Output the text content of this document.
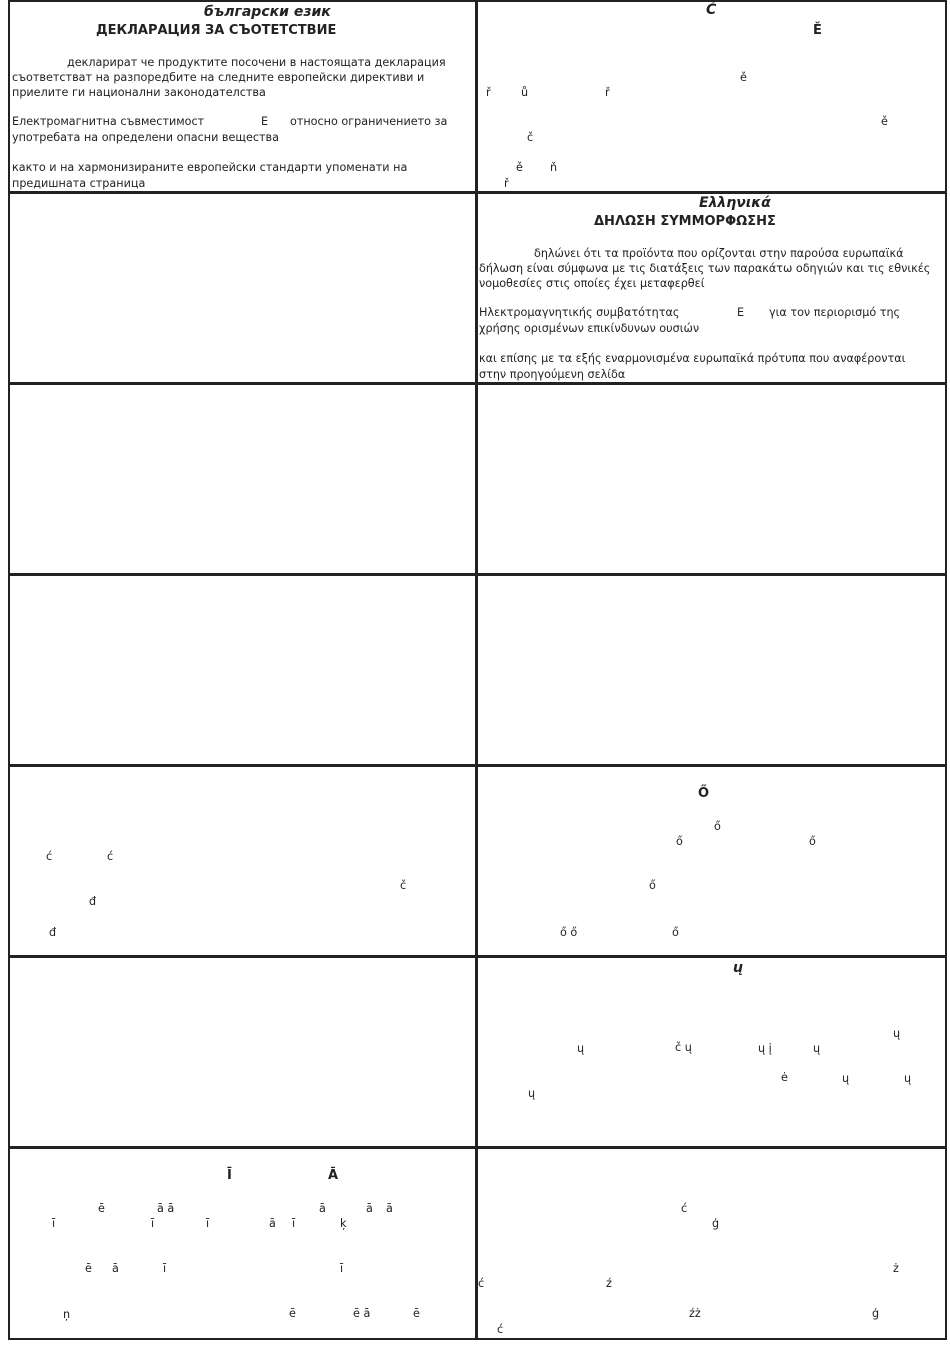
български език
ДЕКЛАРАЦИЯ ЗА СЪОТЕТСТВИЕ
декларират че продуктите посочени в настоящата декларация
съответстват на разпоредбите на следните европейски директиви и
приелите ги национални законодателства
Електромагнитна съвместимост	E относно ограничението за
употребата на определени опасни вещества
както и на хармонизираните европейски стандарти упоменати на
предишната страница
Č
Ě
ě
ř	ů	ř
ě
č
ě ň
ř
Ελληνικά
ΔΗΛΩΣΗ ΣΥΜΜΟΡΦΩΣΗΣ
δηλώνει ότι τα προϊόντα που ορίζονται στην παρούσα ευρωπαϊκά
δήλωση είναι σύμφωνα με τις διατάξεις των παρακάτω οδηγιών και τις εθνικές
νομοθεσίες στις οποίες έχει μεταφερθεί
Ηλεκτρομαγνητικής συμβατότητας	E για τον περιορισμό της
χρήσης ορισμένων επικίνδυνων ουσιών
και επίσης με τα εξής εναρμονισμένα ευρωπαϊκά πρότυπα που αναφέρονται
στην προηγούμενη σελίδα
ć	ć
č
đ
đ
Ő
ő
ő	ő
ő
ő ő	ő
ų
ų
ų	č ų	ų į	ų
ė	ų	ų
ų
Ī	Ā
ē	ā ā	ā	ā ā
ī	ī	ī	ā ī	ķ
ē ā	ī	ī
ņ	ē	ē ā	ē
ć
ģ
ż
ć	ź
źż	ģ
ć
